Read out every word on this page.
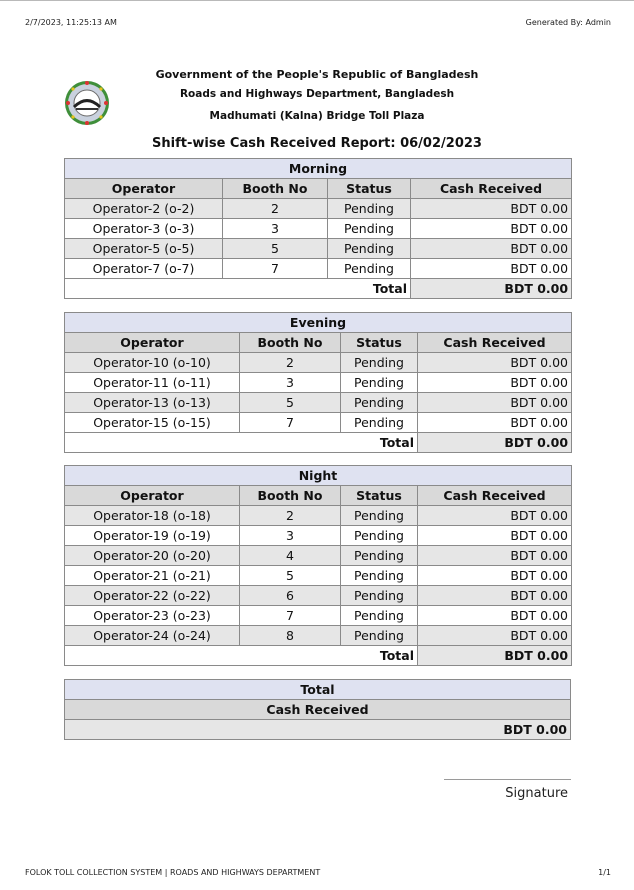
2/7/2023, 11:25:13 AM	Generated By: Admin
Government of the People's Republic of Bangladesh
Roads and Highways Department, Bangladesh
Madhumati (Kalna) Bridge Toll Plaza
Shift-wise Cash Received Report: 06/02/2023
Morning			
Operator	Booth No	Status	Cash Received
Operator-2 (o-2)	2	Pending	BDT 0.00
Operator-3 (o-3)	3	Pending	BDT 0.00
Operator-5 (o-5)	5	Pending	BDT 0.00
Operator-7 (o-7)	7	Pending	BDT 0.00
	Total		BDT 0.00
Evening			
Operator	Booth No	Status	Cash Received
Operator-10 (o-10)	2	Pending	BDT 0.00
Operator-11 (o-11)	3	Pending	BDT 0.00
Operator-13 (o-13)	5	Pending	BDT 0.00
Operator-15 (o-15)	7	Pending	BDT 0.00
	Total		BDT 0.00
Night			
Operator	Booth No	Status	Cash Received
Operator-18 (o-18)	2	Pending	BDT 0.00
Operator-19 (o-19)	3	Pending	BDT 0.00
Operator-20 (o-20)	4	Pending	BDT 0.00
Operator-21 (o-21)	5	Pending	BDT 0.00
Operator-22 (o-22)	6	Pending	BDT 0.00
Operator-23 (o-23)	7	Pending	BDT 0.00
Operator-24 (o-24)	8	Pending	BDT 0.00
	Total		BDT 0.00
Total
Cash Received
BDT 0.00
Signature
FOLOK TOLL COLLECTION SYSTEM | ROADS AND HIGHWAYS DEPARTMENT	1/1
